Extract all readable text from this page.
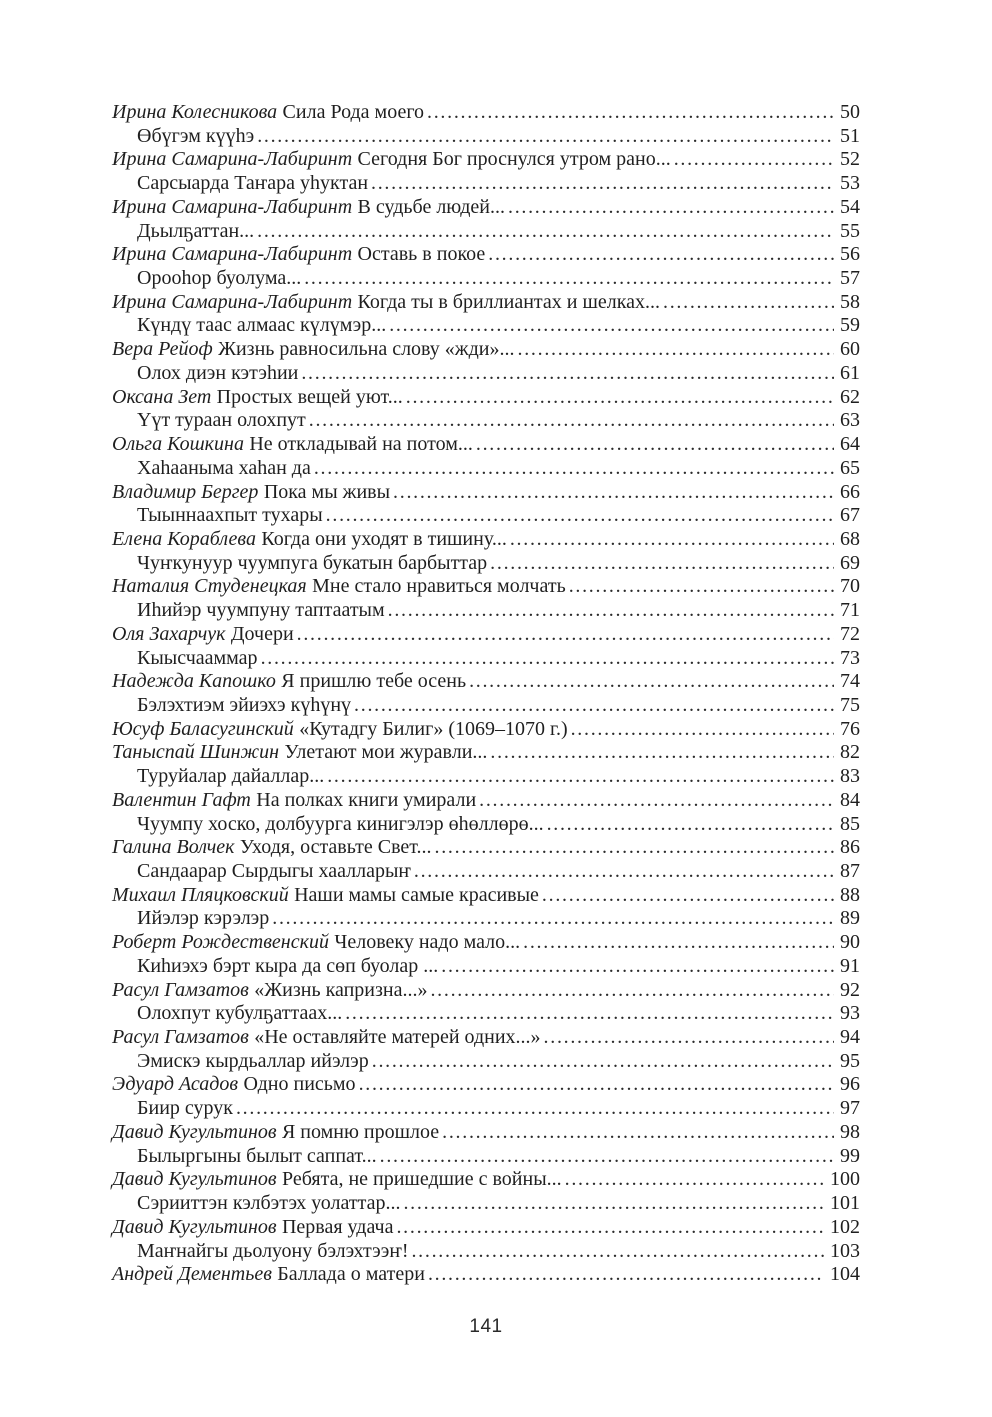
Ирина Колесникова Сила Рода моего .....	50
Өбүгэм күүһэ .....	51
Ирина Самарина-Лабиринт Сегодня Бог проснулся утром рано... .....	52
Сарсыарда Таҥара уһуктан .....	53
Ирина Самарина-Лабиринт В судьбе людей... .....	54
Дьылҕаттан... .....	55
Ирина Самарина-Лабиринт Оставь в покое .....	56
Орооһор буолума... .....	57
Ирина Самарина-Лабиринт Когда ты в бриллиантах и шелках... .....	58
Күндү таас алмаас күлүмэр... .....	59
Вера Рейоф Жизнь равносильна слову «жди»... .....	60
Олох диэн кэтэһии .....	61
Оксана Зет Простых вещей уют... .....	62
Үүт тураан олохпут .....	63
Ольга Кошкина Не откладывай на потом... .....	64
Хаһааныма хаһан да .....	65
Владимир Бергер Пока мы живы .....	66
Тыыннаахпыт тухары .....	67
Елена Кораблева Когда они уходят в тишину... .....	68
Чуҥкунуур чуумпуга букатын барбыттар .....	69
Наталия Студенецкая Мне стало нравиться молчать .....	70
Иһийэр чуумпуну таптаатым .....	71
Оля Захарчук Дочери .....	72
Кыысчааммар .....	73
Надежда Капошко Я пришлю тебе осень .....	74
Бэлэхтиэм эйиэхэ күһүнү .....	75
Юсуф Баласугинский «Кутадгу Билиг» (1069–1070 г.) .....	76
Таныспай Шинжин Улетают мои журавли... .....	82
Туруйалар дайаллар... .....	83
Валентин Гафт На полках книги умирали .....	84
Чуумпу хоско, долбуурга кинигэлэр өһөллөрө... .....	85
Галина Волчек Уходя, оставьте Свет... .....	86
Сандаарар Сырдыгы хаалларыҥ .....	87
Михаил Пляцковский Наши мамы самые красивые .....	88
Ийэлэр кэрэлэр .....	89
Роберт Рождественский Человеку надо мало... .....	90
Киһиэхэ бэрт кыра да сөп буолар ... .....	91
Расул Гамзатов «Жизнь капризна...» .....	92
Олохпут кубулҕаттаах... .....	93
Расул Гамзатов «Не оставляйте матерей одних...» .....	94
Эмискэ кырдьаллар ийэлэр .....	95
Эдуард Асадов Одно письмо .....	96
Биир сурук .....	97
Давид Кугультинов Я помню прошлое .....	98
Былыргыны былыт саппат... .....	99
Давид Кугультинов Ребята, не пришедшие с войны... .....	100
Сэрииттэн кэлбэтэх уолаттар... .....	101
Давид Кугультинов Первая удача .....	102
Маҥнайгы дьолуону бэлэхтээҥ! .....	103
Андрей Дементьев Баллада о матери .....	104
141
